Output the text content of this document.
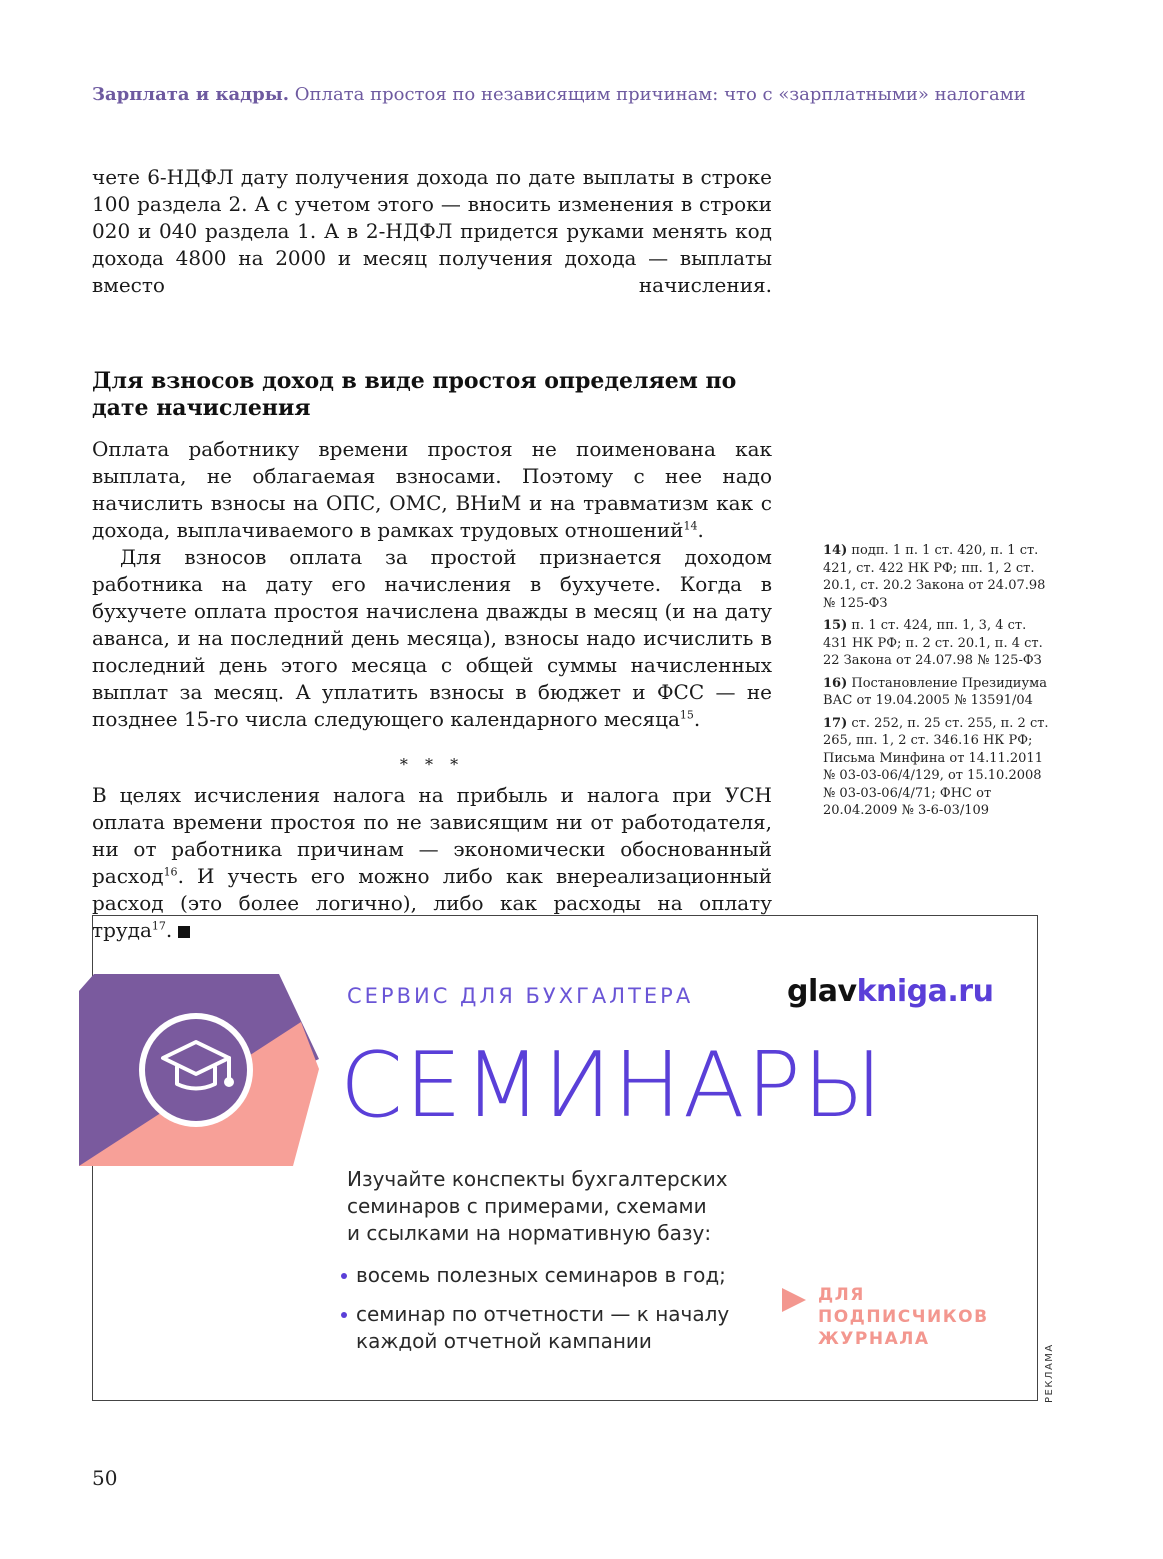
Зарплата и кадры. Оплата простоя по независящим причинам: что с «зарплатными» налогами

чете 6-НДФЛ дату получения дохода по дате выплаты в строке 100 раздела 2. А с учетом этого — вносить изменения в строки 020 и 040 раздела 1. А в 2-НДФЛ придется руками менять код дохода 4800 на 2000 и месяц получения дохода — выплаты вместо начисления.

Для взносов доход в виде простоя определяем по дате начисления

Оплата работнику времени простоя не поименована как выплата, не облагаемая взносами. Поэтому с нее надо начислить взносы на ОПС, ОМС, ВНиМ и на травматизм как с дохода, выплачиваемого в рамках трудовых отношений$^{14}$.

Для взносов оплата за простой признается доходом работника на дату его начисления в бухучете. Когда в бухучете оплата простоя начислена дважды в месяц (и на дату аванса, и на последний день месяца), взносы надо исчислить в последний день этого месяца с общей суммы начисленных выплат за месяц. А уплатить взносы в бюджет и ФСС — не позднее 15-го числа следующего календарного месяца$^{15}$.

* * *

В целях исчисления налога на прибыль и налога при УСН оплата времени простоя по не зависящим ни от работодателя, ни от работника причинам — экономически обоснованный расход$^{16}$. И учесть его можно либо как внереализационный расход (это более логично), либо как расходы на оплату труда$^{17}$.

14) подп. 1 п. 1 ст. 420, п. 1 ст. 421, ст. 422 НК РФ; пп. 1, 2 ст. 20.1, ст. 20.2 Закона от 24.07.98 № 125-ФЗ
15) п. 1 ст. 424, пп. 1, 3, 4 ст. 431 НК РФ; п. 2 ст. 20.1, п. 4 ст. 22 Закона от 24.07.98 № 125-ФЗ
16) Постановление Президиума ВАС от 19.04.2005 № 13591/04
17) ст. 252, п. 25 ст. 255, п. 2 ст. 265, пп. 1, 2 ст. 346.16 НК РФ; Письма Минфина от 14.11.2011 № 03-03-06/4/129, от 15.10.2008 № 03-03-06/4/71; ФНС от 20.04.2009 № 3-6-03/109
СЕРВИС ДЛЯ БУХГАЛТЕРА	glavkniga.ru
СЕМИНАРЫ
Изучайте конспекты бухгалтерских
семинаров с примерами, схемами
и ссылками на нормативную базу:
восемь полезных семинаров в год;
семинар по отчетности — к началу
каждой отчетной кампании
ДЛЯ
ПОДПИСЧИКОВ
ЖУРНАЛА
РЕКЛАМА
50
